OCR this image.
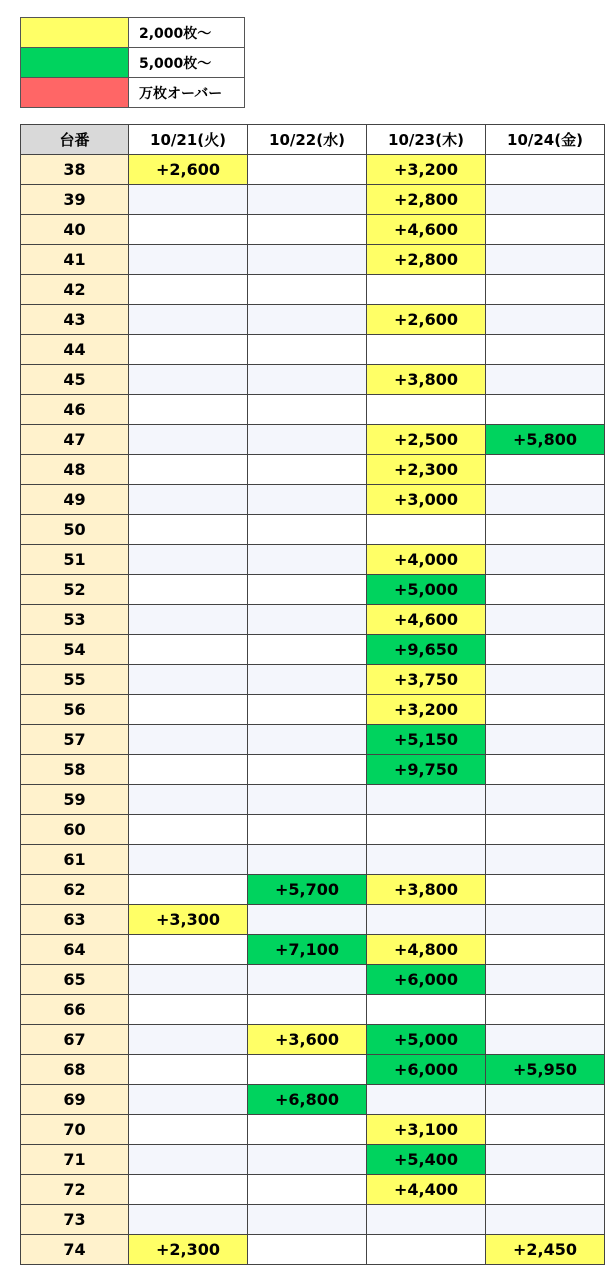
	2,000枚～
	5,000枚～
	万枚オーバー
台番	10/21(火)	10/22(水)	10/23(木)	10/24(金)
38	+2,600		+3,200	
39			+2,800	
40			+4,600	
41			+2,800	
42				
43			+2,600	
44				
45			+3,800	
46				
47			+2,500	+5,800
48			+2,300	
49			+3,000	
50				
51			+4,000	
52			+5,000	
53			+4,600	
54			+9,650	
55			+3,750	
56			+3,200	
57			+5,150	
58			+9,750	
59				
60				
61				
62		+5,700	+3,800	
63	+3,300			
64		+7,100	+4,800	
65			+6,000	
66				
67		+3,600	+5,000	
68			+6,000	+5,950
69		+6,800		
70			+3,100	
71			+5,400	
72			+4,400	
73				
74	+2,300			+2,450
